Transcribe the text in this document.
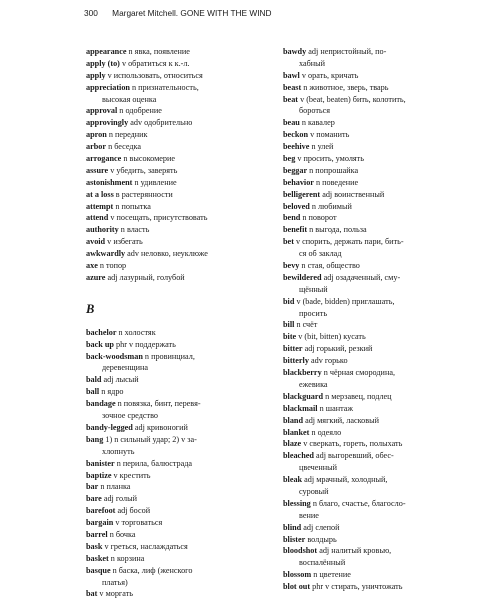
300 Margaret Mitchell. GONE WITH THE WIND
appearance n явка, появление
apply (to) v обратиться к к.-л.
apply v использовать, относиться
appreciation n признательность,
высокая оценка
approval n одобрение
approvingly adv одобрительно
apron n передник
arbor n беседка
arrogance n высокомерие
assure v убедить, заверять
astonishment n удивление
at a loss в растерянности
attempt n попытка
attend v посещать, присутствовать
authority n власть
avoid v избегать
awkwardly adv неловко, неуклюже
axe n топор
azure adj лазурный, голубой
B
bachelor n холостяк
back up phr v поддержать
back-woodsman n провинциал,
деревенщина
bald adj лысый
ball n ядро
bandage n повязка, бинт, перевя-
зочное средство
bandy-legged adj кривоногий
bang 1) n сильный удар; 2) v за-
хлопнуть
banister n перила, балюстрада
baptize v крестить
bar n планка
bare adj голый
barefoot adj босой
bargain v торговаться
barrel n бочка
bask v греться, наслаждаться
basket n корзина
basque n баска, лиф (женского
платья)
bat v моргать
bawdy adj непристойный, по-
хабный
bawl v орать, кричать
beast n животное, зверь, тварь
beat v (beat, beaten) бить, колотить,
бороться
beau n кавалер
beckon v поманить
beehive n улей
beg v просить, умолять
beggar n попрошайка
behavior n поведение
belligerent adj воинственный
beloved n любимый
bend n поворот
benefit n выгода, польза
bet v спорить, держать пари, бить-
ся об заклад
bevy n стая, общество
bewildered adj озадаченный, сму-
щённый
bid v (bade, bidden) приглашать,
просить
bill n счёт
bite v (bit, bitten) кусать
bitter adj горький, резкий
bitterly adv горько
blackberry n чёрная смородина,
ежевика
blackguard n мерзавец, подлец
blackmail n шантаж
bland adj мягкий, ласковый
blanket n одеяло
blaze v сверкать, гореть, полыхать
bleached adj выгоревший, обес-
цвеченный
bleak adj мрачный, холодный,
суровый
blessing n благо, счастье, благосло-
вение
blind adj слепой
blister волдырь
bloodshot adj налитый кровью,
воспалённый
blossom n цветение
blot out phr v стирать, уничтожать
